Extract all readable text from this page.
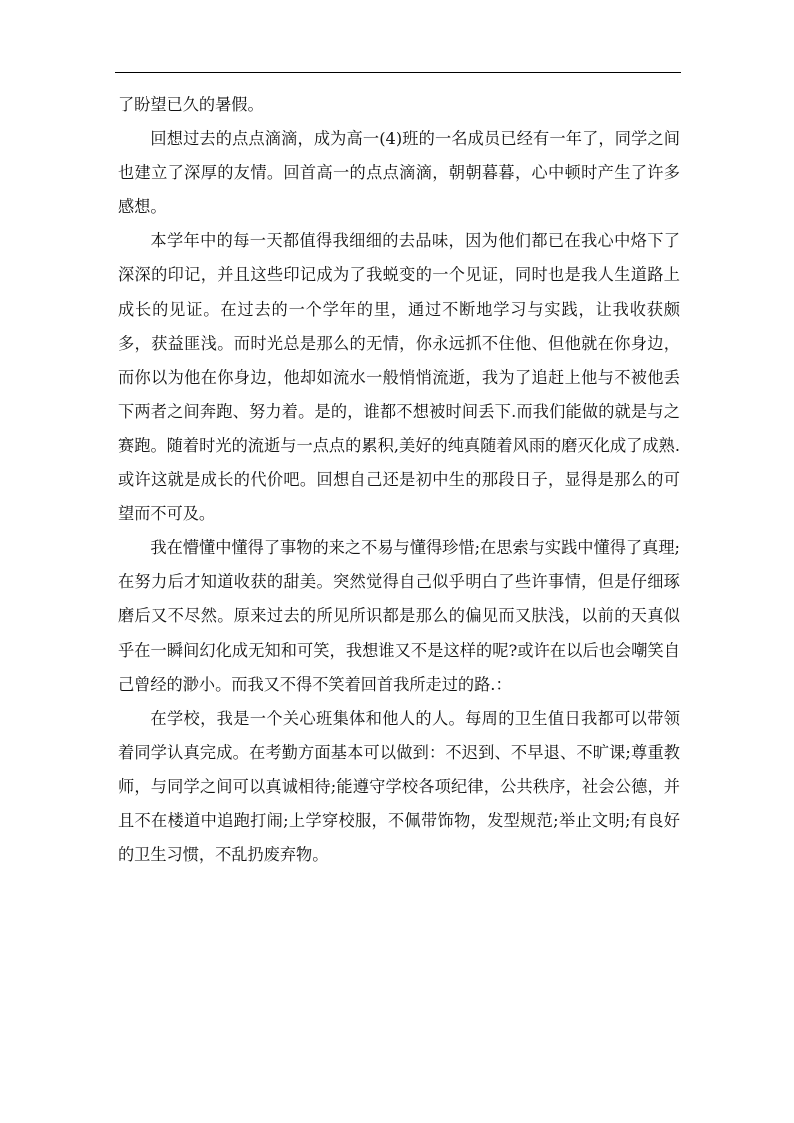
了盼望已久的暑假。

回想过去的点点滴滴，成为高一(4)班的一名成员已经有一年了，同学之间也建立了深厚的友情。回首高一的点点滴滴，朝朝暮暮，心中顿时产生了许多感想。

本学年中的每一天都值得我细细的去品味，因为他们都已在我心中烙下了深深的印记，并且这些印记成为了我蜕变的一个见证，同时也是我人生道路上成长的见证。在过去的一个学年的里，通过不断地学习与实践，让我收获颇多，获益匪浅。而时光总是那么的无情，你永远抓不住他、但他就在你身边，而你以为他在你身边，他却如流水一般悄悄流逝，我为了追赶上他与不被他丢下两者之间奔跑、努力着。是的，谁都不想被时间丢下.而我们能做的就是与之赛跑。随着时光的流逝与一点点的累积,美好的纯真随着风雨的磨灭化成了成熟.或许这就是成长的代价吧。回想自己还是初中生的那段日子，显得是那么的可望而不可及。

我在懵懂中懂得了事物的来之不易与懂得珍惜;在思索与实践中懂得了真理;在努力后才知道收获的甜美。突然觉得自己似乎明白了些许事情，但是仔细琢磨后又不尽然。原来过去的所见所识都是那么的偏见而又肤浅，以前的天真似乎在一瞬间幻化成无知和可笑，我想谁又不是这样的呢?或许在以后也会嘲笑自己曾经的渺小。而我又不得不笑着回首我所走过的路.：

在学校，我是一个关心班集体和他人的人。每周的卫生值日我都可以带领着同学认真完成。在考勤方面基本可以做到：不迟到、不早退、不旷课;尊重教师，与同学之间可以真诚相待;能遵守学校各项纪律，公共秩序，社会公德，并且不在楼道中追跑打闹;上学穿校服，不佩带饰物，发型规范;举止文明;有良好的卫生习惯，不乱扔废弃物。
